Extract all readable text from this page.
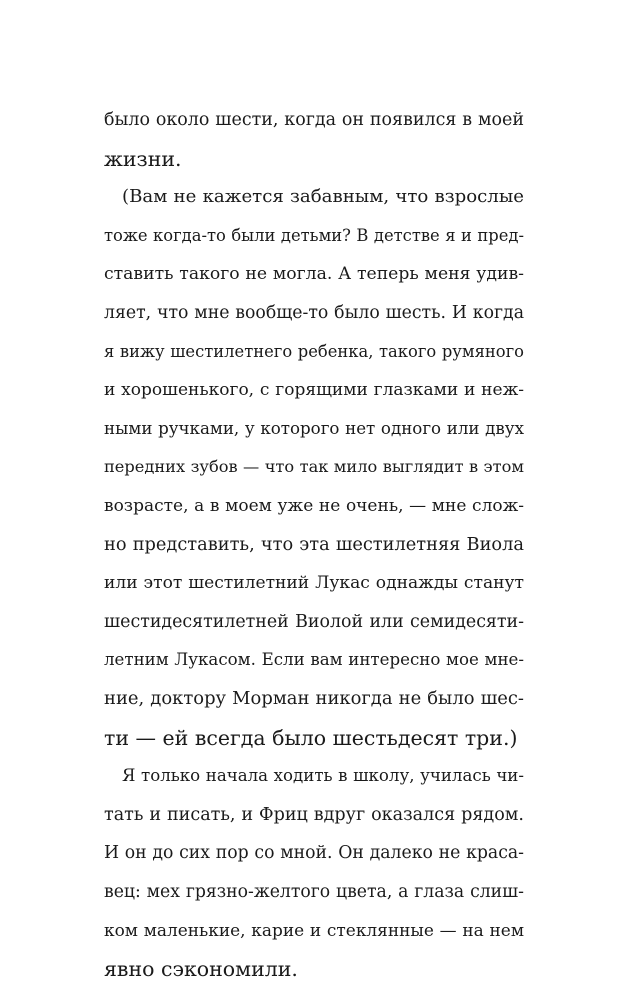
было около шести, когда он появился в моей
жизни.
(Вам не кажется забавным, что взрослые
тоже когда-то были детьми? В детстве я и пред-
ставить такого не могла. А теперь меня удив-
ляет, что мне вообще-то было шесть. И когда
я вижу шестилетнего ребенка, такого румяного
и хорошенького, с горящими глазками и неж-
ными ручками, у которого нет одного или двух
передних зубов — что так мило выглядит в этом
возрасте, а в моем уже не очень, — мне слож-
но представить, что эта шестилетняя Виола
или этот шестилетний Лукас однажды станут
шестидесятилетней Виолой или семидесяти-
летним Лукасом. Если вам интересно мое мне-
ние, доктору Морман никогда не было шес-
ти — ей всегда было шестьдесят три.)
Я только начала ходить в школу, училась чи-
тать и писать, и Фриц вдруг оказался рядом.
И он до сих пор со мной. Он далеко не краса-
вец: мех грязно-желтого цвета, а глаза слиш-
ком маленькие, карие и стеклянные — на нем
явно сэкономили.
